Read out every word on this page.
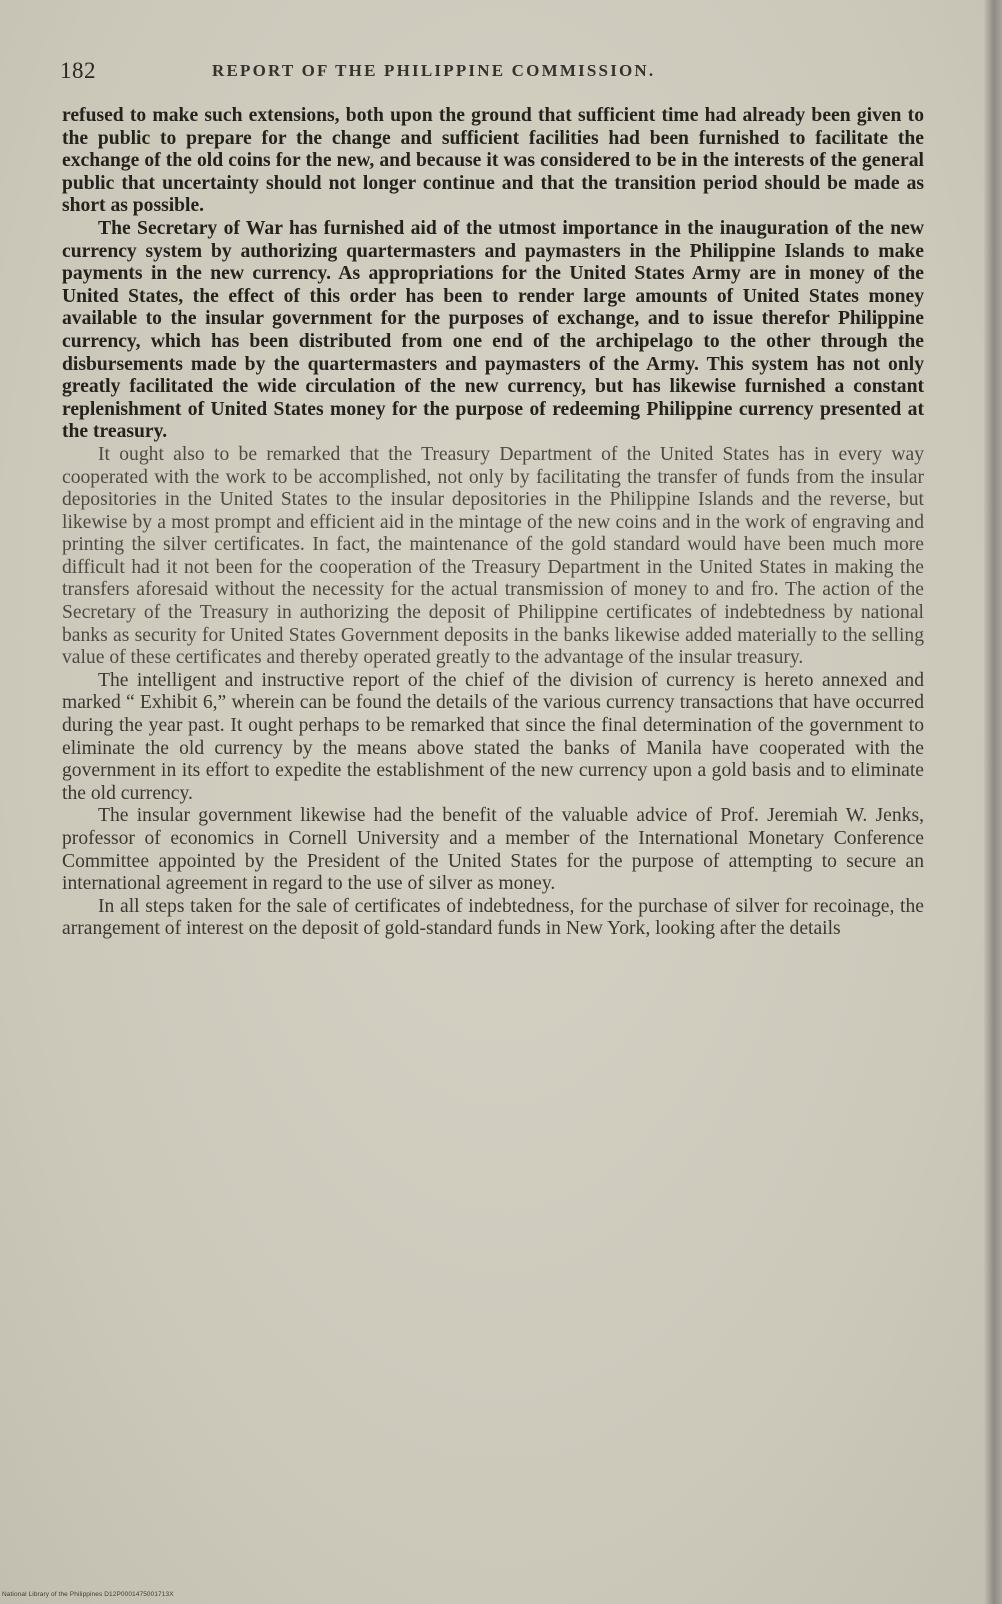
182	REPORT OF THE PHILIPPINE COMMISSION.

refused to make such extensions, both upon the ground that sufficient time had already been given to the public to prepare for the change and sufficient facilities had been furnished to facilitate the exchange of the old coins for the new, and because it was considered to be in the interests of the general public that uncertainty should not longer continue and that the transition period should be made as short as possible.

The Secretary of War has furnished aid of the utmost importance in the inauguration of the new currency system by authorizing quartermasters and paymasters in the Philippine Islands to make payments in the new currency. As appropriations for the United States Army are in money of the United States, the effect of this order has been to render large amounts of United States money available to the insular government for the purposes of exchange, and to issue therefor Philippine currency, which has been distributed from one end of the archipelago to the other through the disbursements made by the quartermasters and paymasters of the Army. This system has not only greatly facilitated the wide circulation of the new currency, but has likewise furnished a constant replenishment of United States money for the purpose of redeeming Philippine currency presented at the treasury.

It ought also to be remarked that the Treasury Department of the United States has in every way cooperated with the work to be accomplished, not only by facilitating the transfer of funds from the insular depositories in the United States to the insular depositories in the Philippine Islands and the reverse, but likewise by a most prompt and efficient aid in the mintage of the new coins and in the work of engraving and printing the silver certificates. In fact, the maintenance of the gold standard would have been much more difficult had it not been for the cooperation of the Treasury Department in the United States in making the transfers aforesaid without the necessity for the actual transmission of money to and fro. The action of the Secretary of the Treasury in authorizing the deposit of Philippine certificates of indebtedness by national banks as security for United States Government deposits in the banks likewise added materially to the selling value of these certificates and thereby operated greatly to the advantage of the insular treasury.

The intelligent and instructive report of the chief of the division of currency is hereto annexed and marked “ Exhibit 6,” wherein can be found the details of the various currency transactions that have occurred during the year past. It ought perhaps to be remarked that since the final determination of the government to eliminate the old currency by the means above stated the banks of Manila have cooperated with the government in its effort to expedite the establishment of the new currency upon a gold basis and to eliminate the old currency.

The insular government likewise had the benefit of the valuable advice of Prof. Jeremiah W. Jenks, professor of economics in Cornell University and a member of the International Monetary Conference Committee appointed by the President of the United States for the purpose of attempting to secure an international agreement in regard to the use of silver as money.

In all steps taken for the sale of certificates of indebtedness, for the purchase of silver for recoinage, the arrangement of interest on the deposit of gold-standard funds in New York, looking after the details

National Library of the Philippines D12P0001475001713X
